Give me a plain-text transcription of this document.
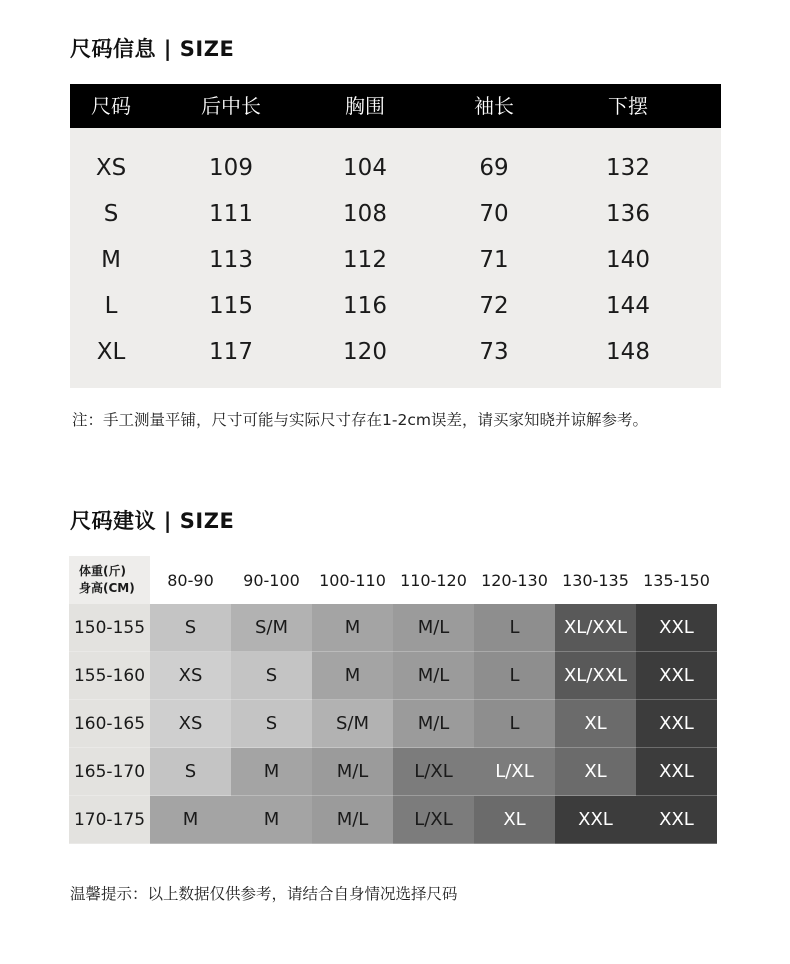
尺码信息 | SIZE
尺码	后中长	胸围	袖长	下摆
XS	109	104	69	132
S	111	108	70	136
M	113	112	71	140
L	115	116	72	144
XL	117	120	73	148
注：手工测量平铺，尺寸可能与实际尺寸存在1-2cm误差，请买家知晓并谅解参考。
尺码建议 | SIZE
体重(斤)
身高(CM)	80-90	90-100	100-110 110-120 120-130 130-135 135-150
150-155	S	S/M	M	M/L	L	XL/XXL	XXL
155-160	XS	S	M	M/L	L	XL/XXL	XXL
160-165	XS	S	S/M	M/L	L	XL	XXL
165-170	S	M	M/L	L/XL	L/XL	XL	XXL
170-175	M	M	M/L	L/XL	XL	XXL	XXL
温馨提示：以上数据仅供参考，请结合自身情况选择尺码
